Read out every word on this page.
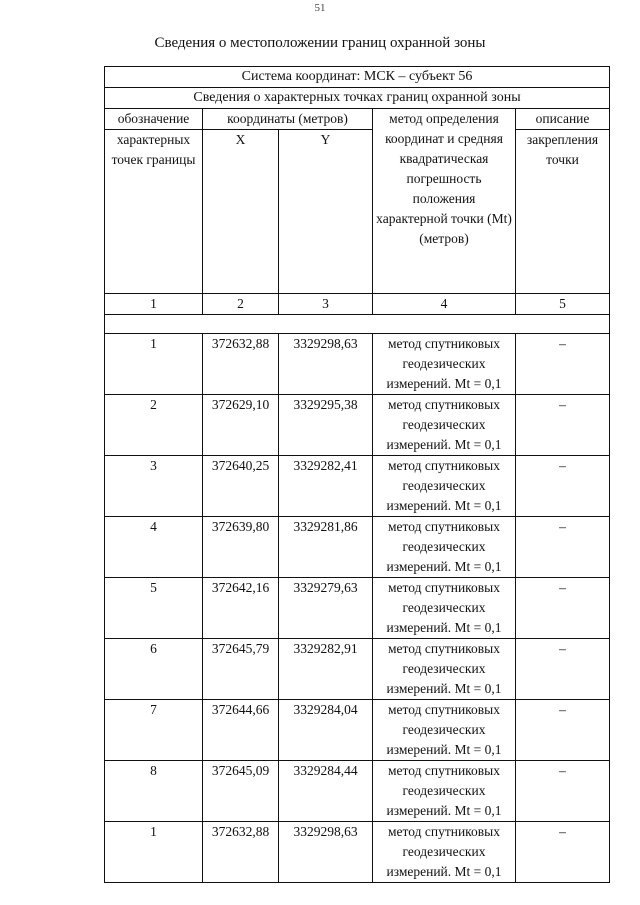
51
Сведения о местоположении границ охранной зоны
Система координат: МСК – субъект 56				
Сведения о характерных точках границ охранной зоны				
обозначение	координаты (метров)		метод определения координат и средняя квадратическая погрешность положения характерной точки (Mt) (метров)	описание
характерных точек границы	X	Y		закрепления точки
1	2	3	4	5

1	372632,88	3329298,63	метод спутниковых геодезических измерений. Mt = 0,1	–
2	372629,10	3329295,38	метод спутниковых геодезических измерений. Mt = 0,1	–
3	372640,25	3329282,41	метод спутниковых геодезических измерений. Mt = 0,1	–
4	372639,80	3329281,86	метод спутниковых геодезических измерений. Mt = 0,1	–
5	372642,16	3329279,63	метод спутниковых геодезических измерений. Mt = 0,1	–
6	372645,79	3329282,91	метод спутниковых геодезических измерений. Mt = 0,1	–
7	372644,66	3329284,04	метод спутниковых геодезических измерений. Mt = 0,1	–
8	372645,09	3329284,44	метод спутниковых геодезических измерений. Mt = 0,1	–
1	372632,88	3329298,63	метод спутниковых геодезических измерений. Mt = 0,1	–
